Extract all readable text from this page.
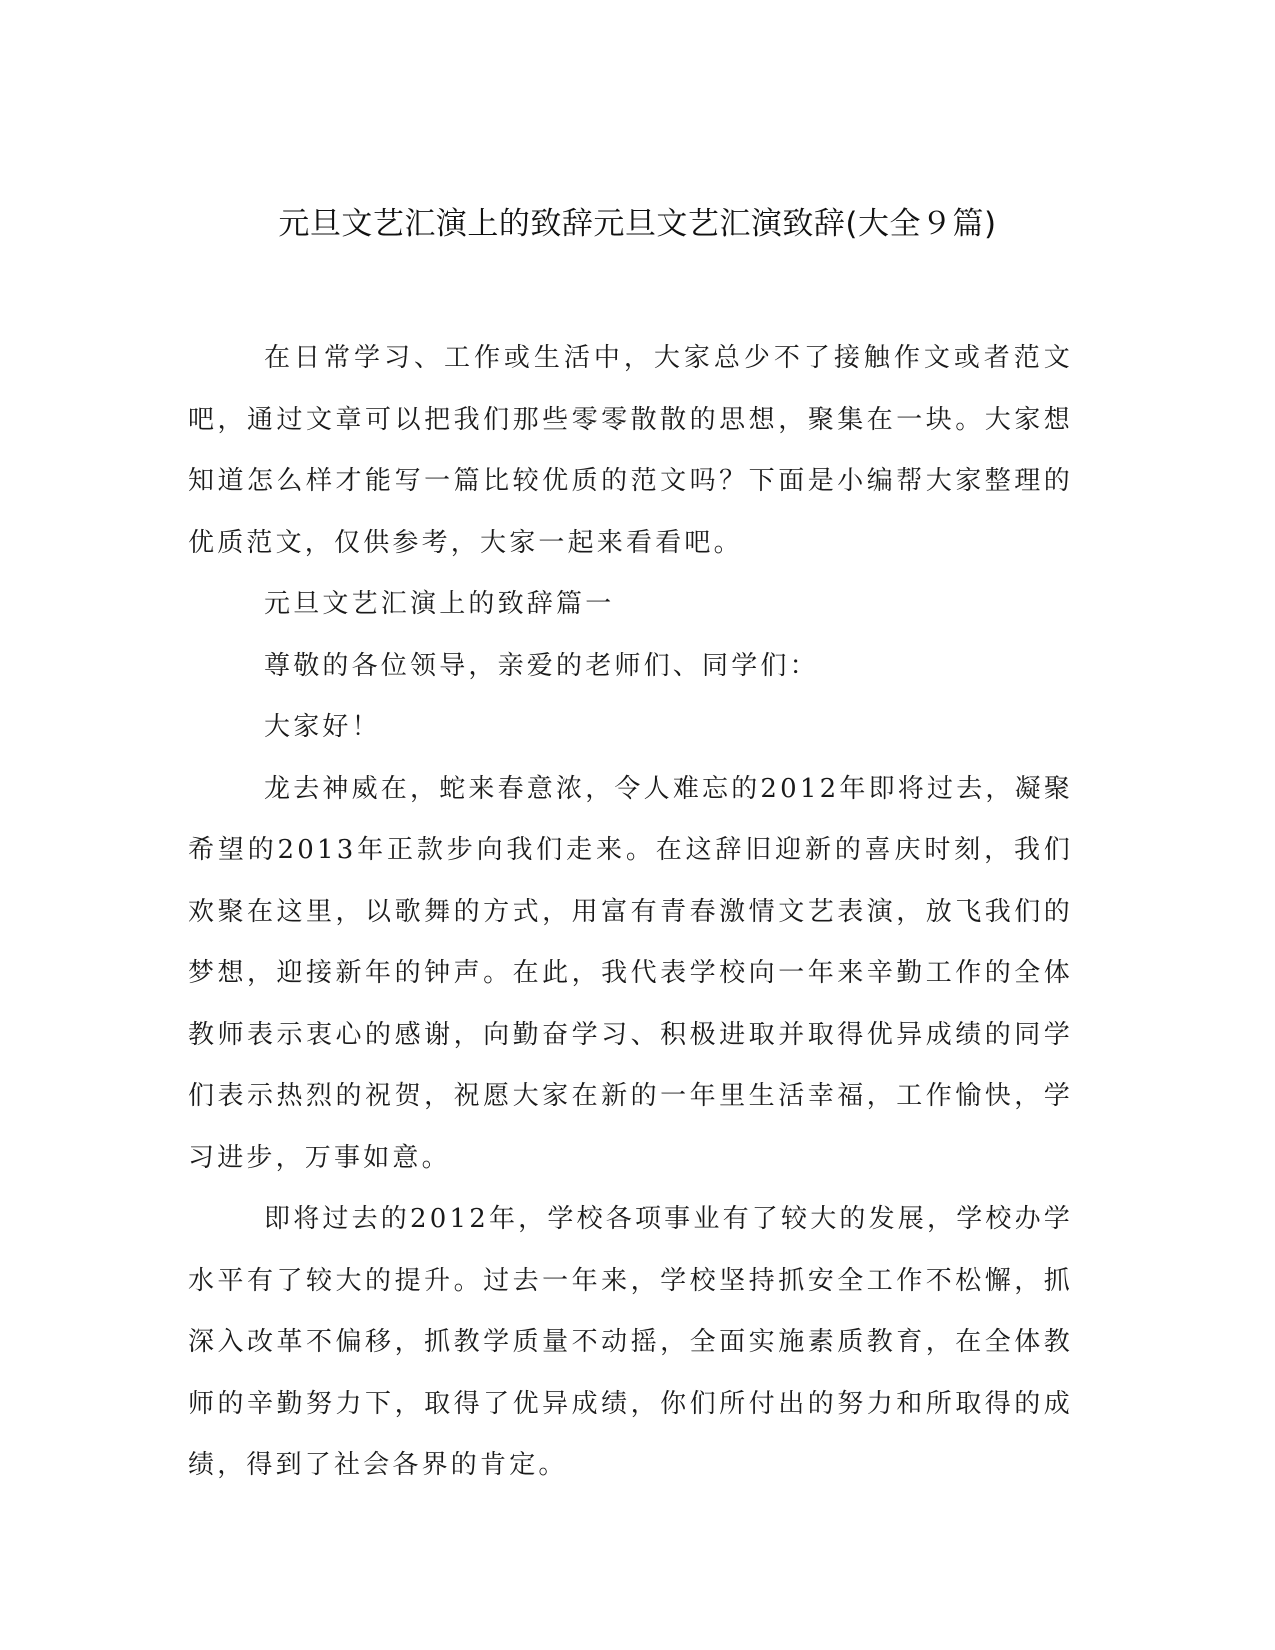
元旦文艺汇演上的致辞元旦文艺汇演致辞(大全９篇)

在日常学习、工作或生活中，大家总少不了接触作文或者范文吧，通过文章可以把我们那些零零散散的思想，聚集在一块。大家想知道怎么样才能写一篇比较优质的范文吗？下面是小编帮大家整理的优质范文，仅供参考，大家一起来看看吧。

元旦文艺汇演上的致辞篇一

尊敬的各位领导，亲爱的老师们、同学们：

大家好！

龙去神威在，蛇来春意浓，令人难忘的2012年即将过去，凝聚希望的2013年正款步向我们走来。在这辞旧迎新的喜庆时刻，我们欢聚在这里，以歌舞的方式，用富有青春激情文艺表演，放飞我们的梦想，迎接新年的钟声。在此，我代表学校向一年来辛勤工作的全体教师表示衷心的感谢，向勤奋学习、积极进取并取得优异成绩的同学们表示热烈的祝贺，祝愿大家在新的一年里生活幸福，工作愉快，学习进步，万事如意。

即将过去的2012年，学校各项事业有了较大的发展，学校办学水平有了较大的提升。过去一年来，学校坚持抓安全工作不松懈，抓深入改革不偏移，抓教学质量不动摇，全面实施素质教育，在全体教师的辛勤努力下，取得了优异成绩，你们所付出的努力和所取得的成绩，得到了社会各界的肯定。
